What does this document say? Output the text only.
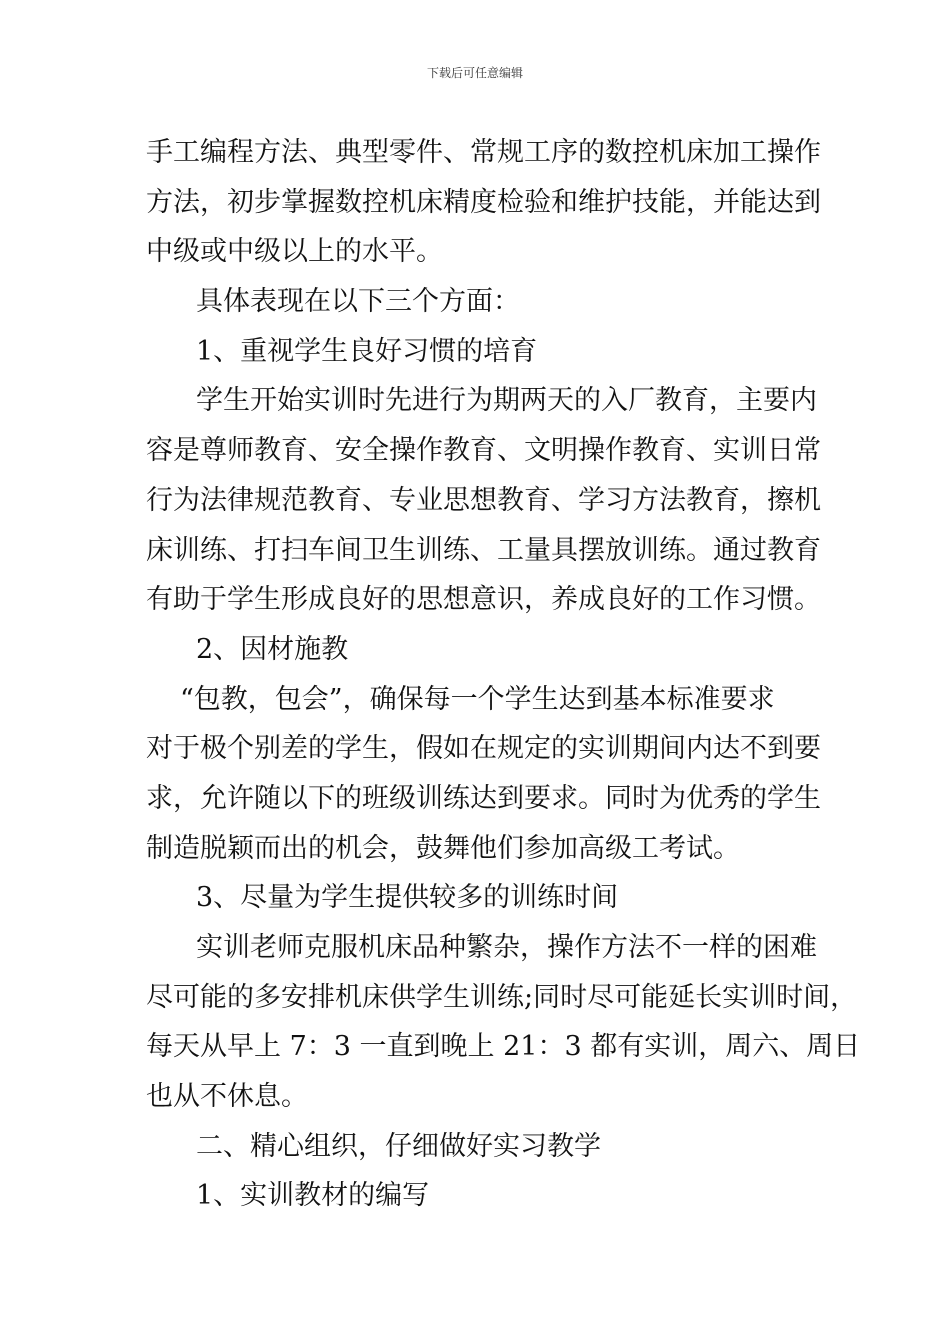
下载后可任意编辑
手工编程方法、典型零件、常规工序的数控机床加工操作
方法，初步掌握数控机床精度检验和维护技能，并能达到
中级或中级以上的水平。
具体表现在以下三个方面：
1、重视学生良好习惯的培育
学生开始实训时先进行为期两天的入厂教育，主要内
容是尊师教育、安全操作教育、文明操作教育、实训日常
行为法律规范教育、专业思想教育、学习方法教育，擦机
床训练、打扫车间卫生训练、工量具摆放训练。通过教育
有助于学生形成良好的思想意识，养成良好的工作习惯。
2、因材施教
“包教，包会”，确保每一个学生达到基本标准要求
对于极个别差的学生，假如在规定的实训期间内达不到要
求，允许随以下的班级训练达到要求。同时为优秀的学生
制造脱颖而出的机会，鼓舞他们参加高级工考试。
3、尽量为学生提供较多的训练时间
实训老师克服机床品种繁杂，操作方法不一样的困难
尽可能的多安排机床供学生训练;同时尽可能延长实训时间，
每天从早上 7：3 一直到晚上 21：3 都有实训，周六、周日
也从不休息。
二、精心组织，仔细做好实习教学
1、实训教材的编写
